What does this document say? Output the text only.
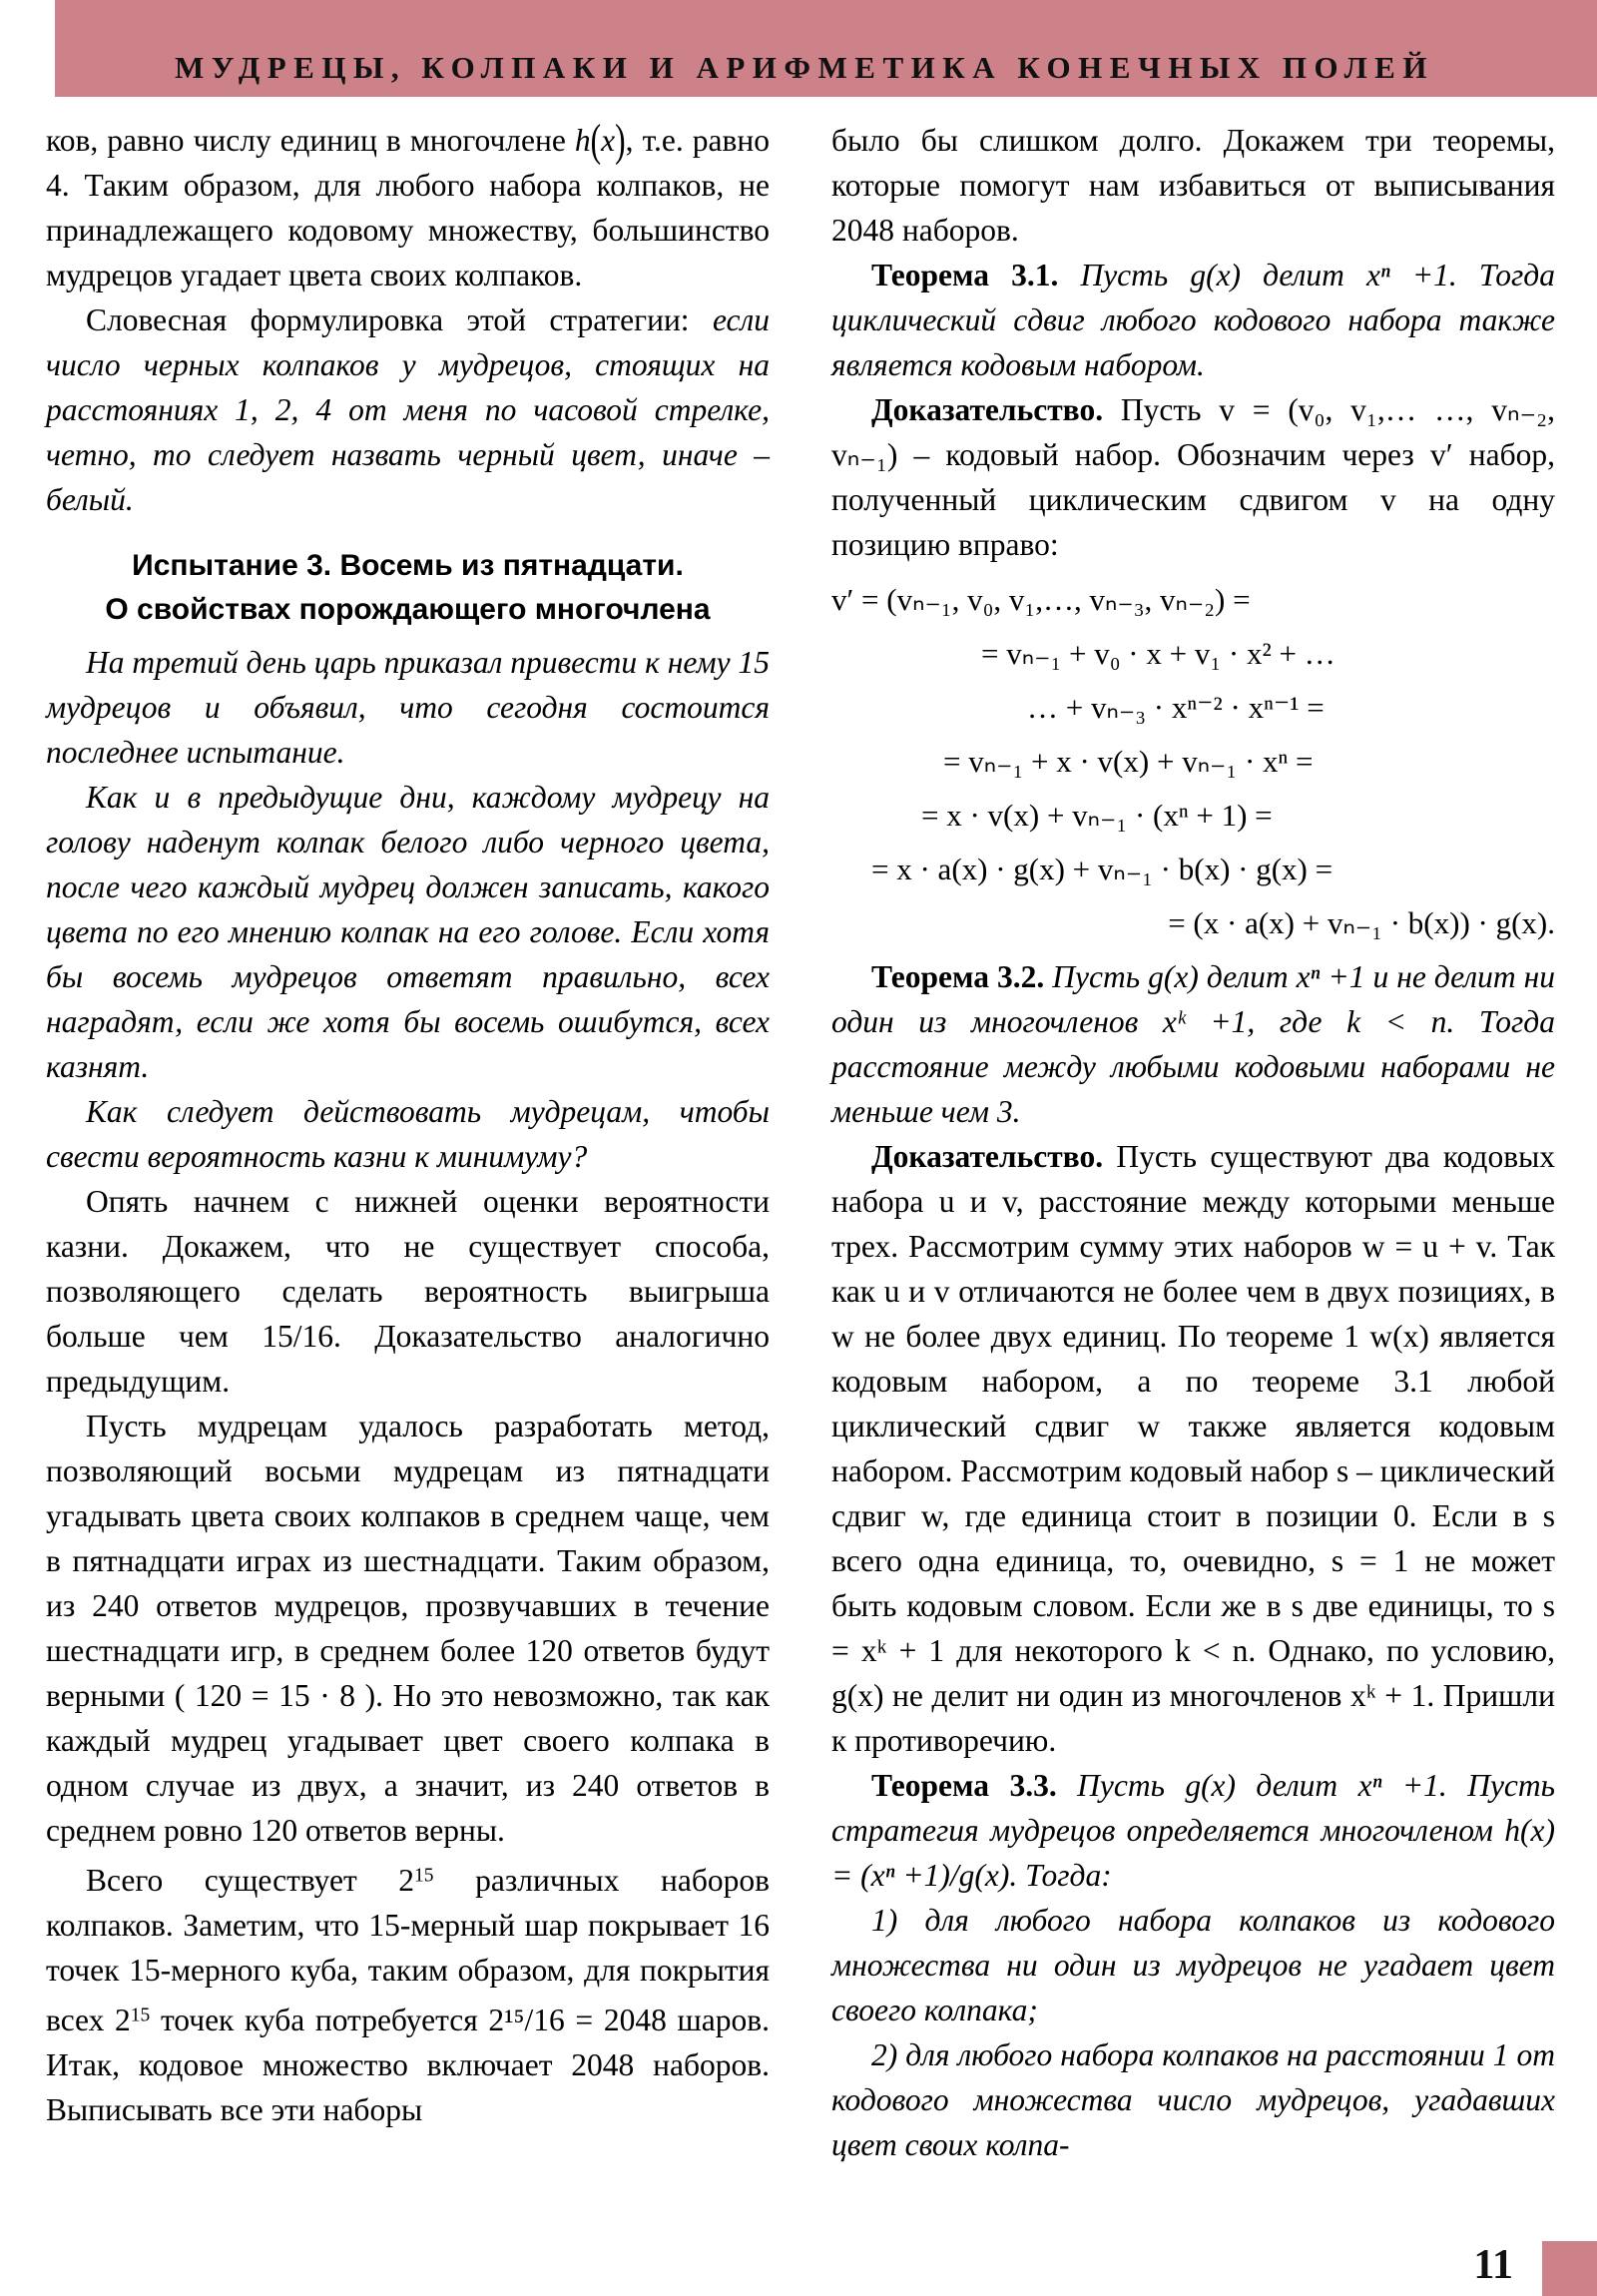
МУДРЕЦЫ, КОЛПАКИ И АРИФМЕТИКА КОНЕЧНЫХ ПОЛЕЙ
11

ков, равно числу единиц в многочлене h(x), т.е. равно 4. Таким образом, для любого набора колпаков, не принадлежащего кодовому множеству, большинство мудрецов угадает цвета своих колпаков.

Словесная формулировка этой стратегии: если число черных колпаков у мудрецов, стоящих на расстояниях 1, 2, 4 от меня по часовой стрелке, четно, то следует назвать черный цвет, иначе – белый.

Испытание 3. Восемь из пятнадцати.
О свойствах порождающего многочлена

На третий день царь приказал привести к нему 15 мудрецов и объявил, что сегодня состоится последнее испытание.

Как и в предыдущие дни, каждому мудрецу на голову наденут колпак белого либо черного цвета, после чего каждый мудрец должен записать, какого цвета по его мнению колпак на его голове. Если хотя бы восемь мудрецов ответят правильно, всех наградят, если же хотя бы восемь ошибутся, всех казнят.

Как следует действовать мудрецам, чтобы свести вероятность казни к минимуму?

Опять начнем с нижней оценки вероятности казни. Докажем, что не существует способа, позволяющего сделать вероятность выигрыша больше чем 15/16. Доказательство аналогично предыдущим.

Пусть мудрецам удалось разработать метод, позволяющий восьми мудрецам из пятнадцати угадывать цвета своих колпаков в среднем чаще, чем в пятнадцати играх из шестнадцати. Таким образом, из 240 ответов мудрецов, прозвучавших в течение шестнадцати игр, в среднем более 120 ответов будут верными ( 120 = 15 · 8 ). Но это невозможно, так как каждый мудрец угадывает цвет своего колпака в одном случае из двух, а значит, из 240 ответов в среднем ровно 120 ответов верны.

Всего существует $2^{15}$ различных наборов колпаков. Заметим, что 15-мерный шар покрывает 16 точек 15-мерного куба, таким образом, для покрытия всех $2^{15}$ точек куба потребуется 2¹⁵/16 = 2048 шаров. Итак, кодовое множество включает 2048 наборов. Выписывать все эти наборы

было бы слишком долго. Докажем три теоремы, которые помогут нам избавиться от выписывания 2048 наборов.

Теорема 3.1. Пусть g(x) делит xⁿ +1. Тогда циклический сдвиг любого кодового набора также является кодовым набором.

Доказательство. Пусть v = (v₀, v₁,… …, vₙ₋₂, vₙ₋₁) – кодовый набор. Обозначим через v′ набор, полученный циклическим сдвигом v на одну позицию вправо:

v′ = (vₙ₋₁, v₀, v₁,…, vₙ₋₃, vₙ₋₂) =
= vₙ₋₁ + v₀ · x + v₁ · x² + …
… + vₙ₋₃ · xⁿ⁻² · xⁿ⁻¹ =
= vₙ₋₁ + x · v(x) + vₙ₋₁ · xⁿ =
= x · v(x) + vₙ₋₁ · (xⁿ + 1) =
= x · a(x) · g(x) + vₙ₋₁ · b(x) · g(x) =
= (x · a(x) + vₙ₋₁ · b(x)) · g(x).

Теорема 3.2. Пусть g(x) делит xⁿ +1 и не делит ни один из многочленов xᵏ +1, где k < n. Тогда расстояние между любыми кодовыми наборами не меньше чем 3.

Доказательство. Пусть существуют два кодовых набора u и v, расстояние между которыми меньше трех. Рассмотрим сумму этих наборов w = u + v. Так как u и v отличаются не более чем в двух позициях, в w не более двух единиц. По теореме 1 w(x) является кодовым набором, а по теореме 3.1 любой циклический сдвиг w также является кодовым набором. Рассмотрим кодовый набор s – циклический сдвиг w, где единица стоит в позиции 0. Если в s всего одна единица, то, очевидно, s = 1 не может быть кодовым словом. Если же в s две единицы, то s = xᵏ + 1 для некоторого k < n. Однако, по условию, g(x) не делит ни один из многочленов xᵏ + 1. Пришли к противоречию.

Теорема 3.3. Пусть g(x) делит xⁿ +1. Пусть стратегия мудрецов определяется многочленом h(x) = (xⁿ +1)/g(x). Тогда:

1) для любого набора колпаков из кодового множества ни один из мудрецов не угадает цвет своего колпака;

2) для любого набора колпаков на расстоянии 1 от кодового множества число мудрецов, угадавших цвет своих колпа-
